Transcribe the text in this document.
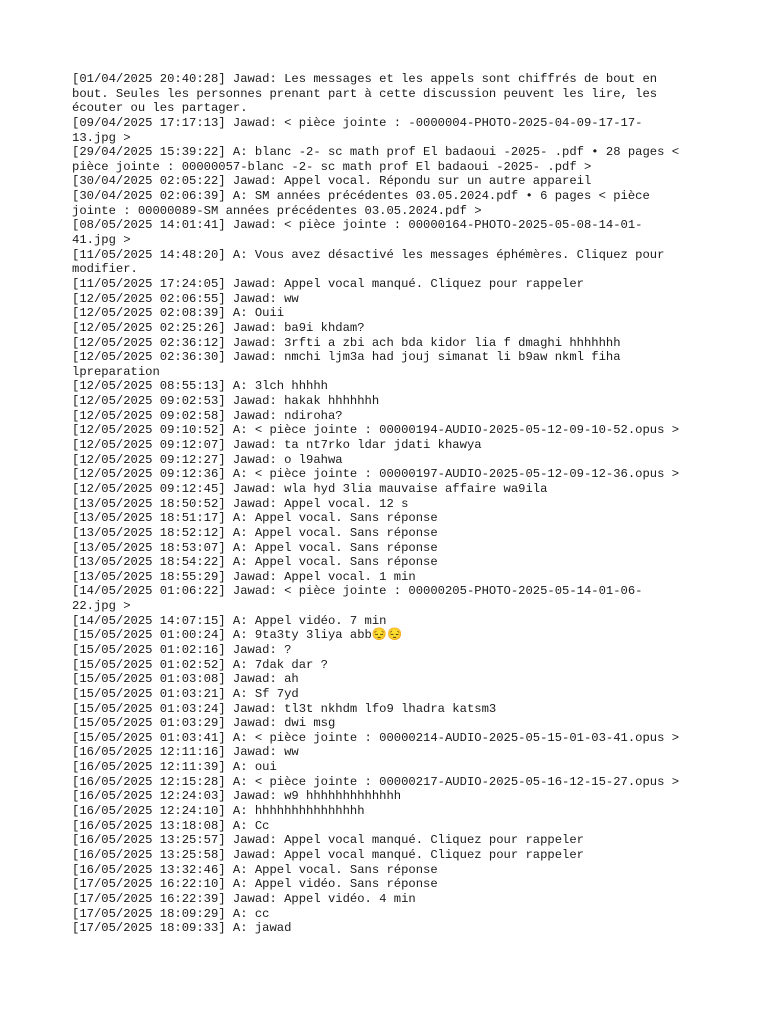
[01/04/2025 20:40:28] Jawad: Les messages et les appels sont chiffrés de bout en
bout. Seules les personnes prenant part à cette discussion peuvent les lire, les
écouter ou les partager.
[09/04/2025 17:17:13] Jawad: < pièce jointe : -0000004-PHOTO-2025-04-09-17-17-
13.jpg >
[29/04/2025 15:39:22] A: blanc -2- sc math prof El badaoui -2025- .pdf • 28 pages <
pièce jointe : 00000057-blanc -2- sc math prof El badaoui -2025- .pdf >
[30/04/2025 02:05:22] Jawad: Appel vocal. Répondu sur un autre appareil
[30/04/2025 02:06:39] A: SM années précédentes 03.05.2024.pdf • 6 pages < pièce
jointe : 00000089-SM années précédentes 03.05.2024.pdf >
[08/05/2025 14:01:41] Jawad: < pièce jointe : 00000164-PHOTO-2025-05-08-14-01-
41.jpg >
[11/05/2025 14:48:20] A: Vous avez désactivé les messages éphémères. Cliquez pour
modifier.
[11/05/2025 17:24:05] Jawad: Appel vocal manqué. Cliquez pour rappeler
[12/05/2025 02:06:55] Jawad: ww
[12/05/2025 02:08:39] A: Ouii
[12/05/2025 02:25:26] Jawad: ba9i khdam?
[12/05/2025 02:36:12] Jawad: 3rfti a zbi ach bda kidor lia f dmaghi hhhhhhh
[12/05/2025 02:36:30] Jawad: nmchi ljm3a had jouj simanat li b9aw nkml fiha
lpreparation
[12/05/2025 08:55:13] A: 3lch hhhhh
[12/05/2025 09:02:53] Jawad: hakak hhhhhhh
[12/05/2025 09:02:58] Jawad: ndiroha?
[12/05/2025 09:10:52] A: < pièce jointe : 00000194-AUDIO-2025-05-12-09-10-52.opus >
[12/05/2025 09:12:07] Jawad: ta nt7rko ldar jdati khawya
[12/05/2025 09:12:27] Jawad: o l9ahwa
[12/05/2025 09:12:36] A: < pièce jointe : 00000197-AUDIO-2025-05-12-09-12-36.opus >
[12/05/2025 09:12:45] Jawad: wla hyd 3lia mauvaise affaire wa9ila
[13/05/2025 18:50:52] Jawad: Appel vocal. 12 s
[13/05/2025 18:51:17] A: Appel vocal. Sans réponse
[13/05/2025 18:52:12] A: Appel vocal. Sans réponse
[13/05/2025 18:53:07] A: Appel vocal. Sans réponse
[13/05/2025 18:54:22] A: Appel vocal. Sans réponse
[13/05/2025 18:55:29] Jawad: Appel vocal. 1 min
[14/05/2025 01:06:22] Jawad: < pièce jointe : 00000205-PHOTO-2025-05-14-01-06-
22.jpg >
[14/05/2025 14:07:15] A: Appel vidéo. 7 min
[15/05/2025 01:00:24] A: 9ta3ty 3liya abb😔😔
[15/05/2025 01:02:16] Jawad: ?
[15/05/2025 01:02:52] A: 7dak dar ?
[15/05/2025 01:03:08] Jawad: ah
[15/05/2025 01:03:21] A: Sf 7yd
[15/05/2025 01:03:24] Jawad: tl3t nkhdm lfo9 lhadra katsm3
[15/05/2025 01:03:29] Jawad: dwi msg
[15/05/2025 01:03:41] A: < pièce jointe : 00000214-AUDIO-2025-05-15-01-03-41.opus >
[16/05/2025 12:11:16] Jawad: ww
[16/05/2025 12:11:39] A: oui
[16/05/2025 12:15:28] A: < pièce jointe : 00000217-AUDIO-2025-05-16-12-15-27.opus >
[16/05/2025 12:24:03] Jawad: w9 hhhhhhhhhhhhh
[16/05/2025 12:24:10] A: hhhhhhhhhhhhhhh
[16/05/2025 13:18:08] A: Cc
[16/05/2025 13:25:57] Jawad: Appel vocal manqué. Cliquez pour rappeler
[16/05/2025 13:25:58] Jawad: Appel vocal manqué. Cliquez pour rappeler
[16/05/2025 13:32:46] A: Appel vocal. Sans réponse
[17/05/2025 16:22:10] A: Appel vidéo. Sans réponse
[17/05/2025 16:22:39] Jawad: Appel vidéo. 4 min
[17/05/2025 18:09:29] A: cc
[17/05/2025 18:09:33] A: jawad
